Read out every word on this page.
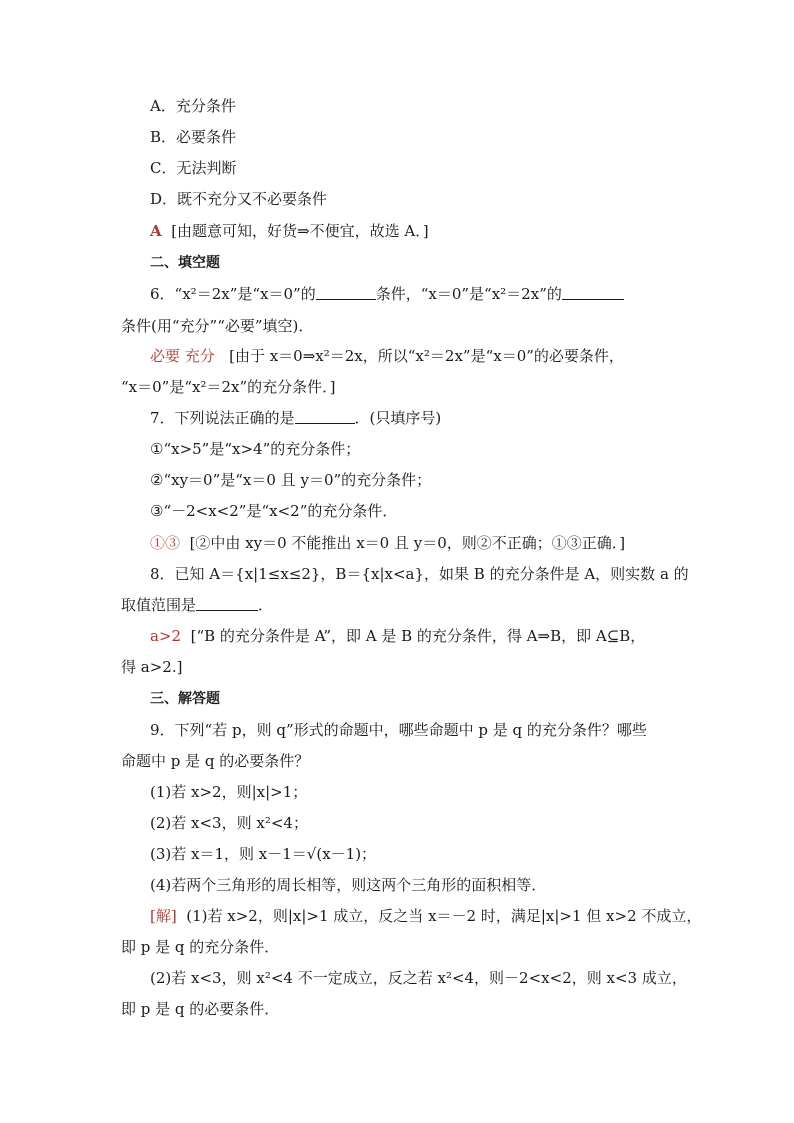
A．充分条件
B．必要条件
C．无法判断
D．既不充分又不必要条件
A [由题意可知，好货⇒不便宜，故选 A．]
二、填空题
6．“x²＝2x”是“x＝0”的	条件，“x＝0”是“x²＝2x”的
条件(用“充分”“必要”填空)．
必要 充分 [由于 x＝0⇒x²＝2x，所以“x²＝2x”是“x＝0”的必要条件，
“x＝0”是“x²＝2x”的充分条件．]
7．下列说法正确的是	．(只填序号)
①“x>5”是“x>4”的充分条件；
②“xy＝0”是“x＝0 且 y＝0”的充分条件；
③“－2<x<2”是“x<2”的充分条件．
①③ [②中由 xy＝0 不能推出 x＝0 且 y＝0，则②不正确；①③正确．]
8．已知 A＝{x|1≤x≤2}，B＝{x|x<a}，如果 B 的充分条件是 A，则实数 a 的
取值范围是	．
a>2 [“B 的充分条件是 A”，即 A 是 B 的充分条件，得 A⇒B，即 A⊆B，
得 a>2.]
三、解答题
9．下列“若 p，则 q”形式的命题中，哪些命题中 p 是 q 的充分条件？哪些
命题中 p 是 q 的必要条件？
(1)若 x>2，则|x|>1；
(2)若 x<3，则 x²<4；
(3)若 x＝1，则 x－1＝√(x－1)；
(4)若两个三角形的周长相等，则这两个三角形的面积相等．
[解] (1)若 x>2，则|x|>1 成立，反之当 x＝－2 时，满足|x|>1 但 x>2 不成立，
即 p 是 q 的充分条件．
(2)若 x<3，则 x²<4 不一定成立，反之若 x²<4，则－2<x<2，则 x<3 成立，
即 p 是 q 的必要条件．
